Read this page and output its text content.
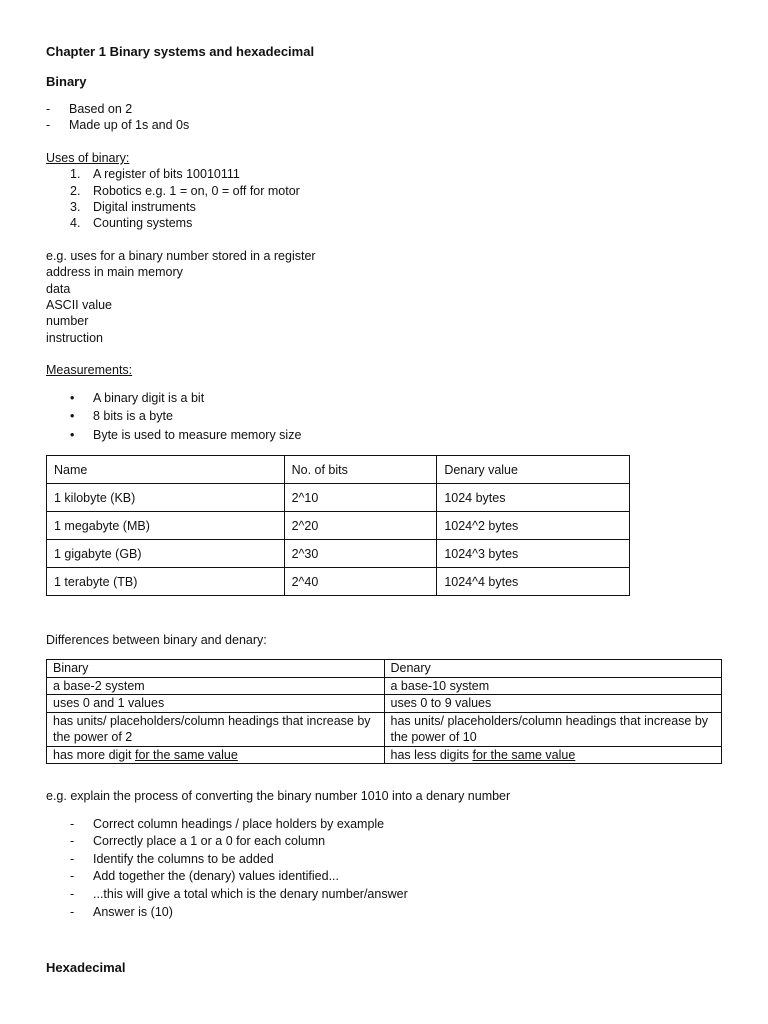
Chapter 1 Binary systems and hexadecimal
Binary
- Based on 2
- Made up of 1s and 0s
Uses of binary:
1. A register of bits 10010111
2. Robotics e.g. 1 = on, 0 = off for motor
3. Digital instruments
4. Counting systems
e.g. uses for a binary number stored in a register
address in main memory
data
ASCII value
number
instruction
Measurements:
• A binary digit is a bit
• 8 bits is a byte
• Byte is used to measure memory size
Name	No. of bits	Denary value
1 kilobyte (KB)	2^10	1024 bytes
1 megabyte (MB)	2^20	1024^2 bytes
1 gigabyte (GB)	2^30	1024^3 bytes
1 terabyte (TB)	2^40	1024^4 bytes
Differences between binary and denary:
Binary	Denary
a base-2 system	a base-10 system
uses 0 and 1 values	uses 0 to 9 values
has units/ placeholders/column headings that increase by the power of 2	has units/ placeholders/column headings that increase by the power of 10
has more digit for the same value	has less digits for the same value
e.g. explain the process of converting the binary number 1010 into a denary number
- Correct column headings / place holders by example
- Correctly place a 1 or a 0 for each column
- Identify the columns to be added
- Add together the (denary) values identified...
- ...this will give a total which is the denary number/answer
- Answer is (10)
Hexadecimal
